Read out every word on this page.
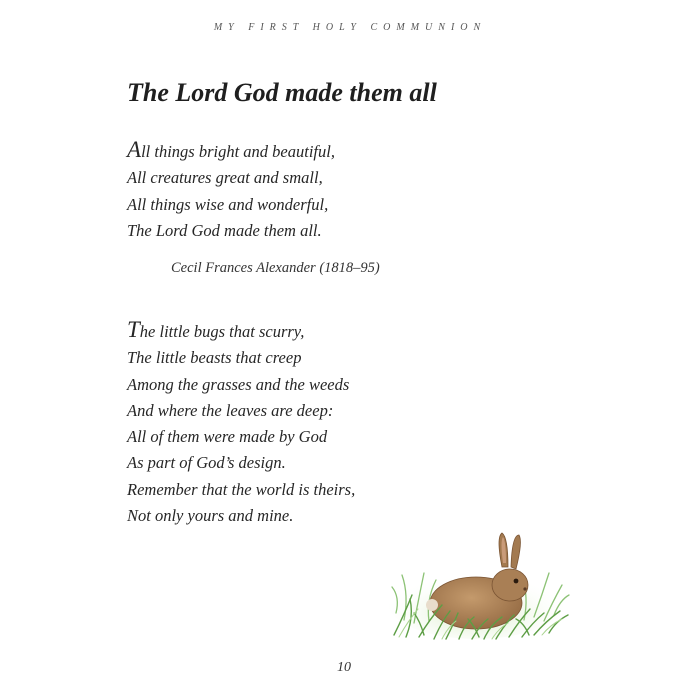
MY FIRST HOLY COMMUNION
The Lord God made them all
All things bright and beautiful,
All creatures great and small,
All things wise and wonderful,
The Lord God made them all.
Cecil Frances Alexander (1818–95)
The little bugs that scurry,
The little beasts that creep
Among the grasses and the weeds
And where the leaves are deep:
All of them were made by God
As part of God’s design.
Remember that the world is theirs,
Not only yours and mine.
10
